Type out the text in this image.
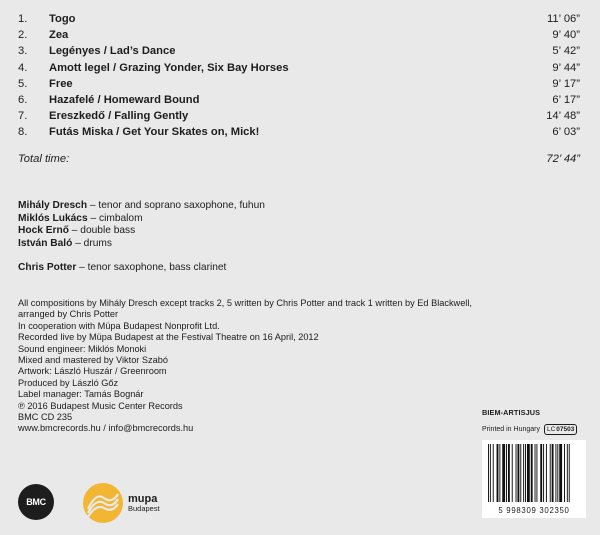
1.	Togo	11’ 06”
2.	Zea	9’ 40”
3.	Legényes / Lad’s Dance	5’ 42”
4.	Amott legel / Grazing Yonder, Six Bay Horses	9’ 44”
5.	Free	9’ 17”
6.	Hazafelé / Homeward Bound	6’ 17”
7.	Ereszkedő / Falling Gently	14’ 48”
8.	Futás Miska / Get Your Skates on, Mick!	6’ 03”
Total time:	72’ 44”
Mihály Dresch – tenor and soprano saxophone, fuhun
Miklós Lukács – cimbalom
Hock Ernő – double bass
István Baló – drums
Chris Potter – tenor saxophone, bass clarinet
All compositions by Mihály Dresch except tracks 2, 5 written by Chris Potter and track 1 written by Ed Blackwell,
arranged by Chris Potter
In cooperation with Müpa Budapest Nonprofit Ltd.
Recorded live by Müpa Budapest at the Festival Theatre on 16 April, 2012
Sound engineer: Miklós Monoki
Mixed and mastered by Viktor Szabó
Artwork: László Huszár / Greenroom
Produced by László Gőz
Label manager: Tamás Bognár
℗ 2016 Budapest Music Center Records
BMC CD 235
www.bmcrecords.hu / info@bmcrecords.hu
BIEM-ARTISJUS
Printed in Hungary LC 07503
5 998309 302350
BMC	mupa
Budapest
